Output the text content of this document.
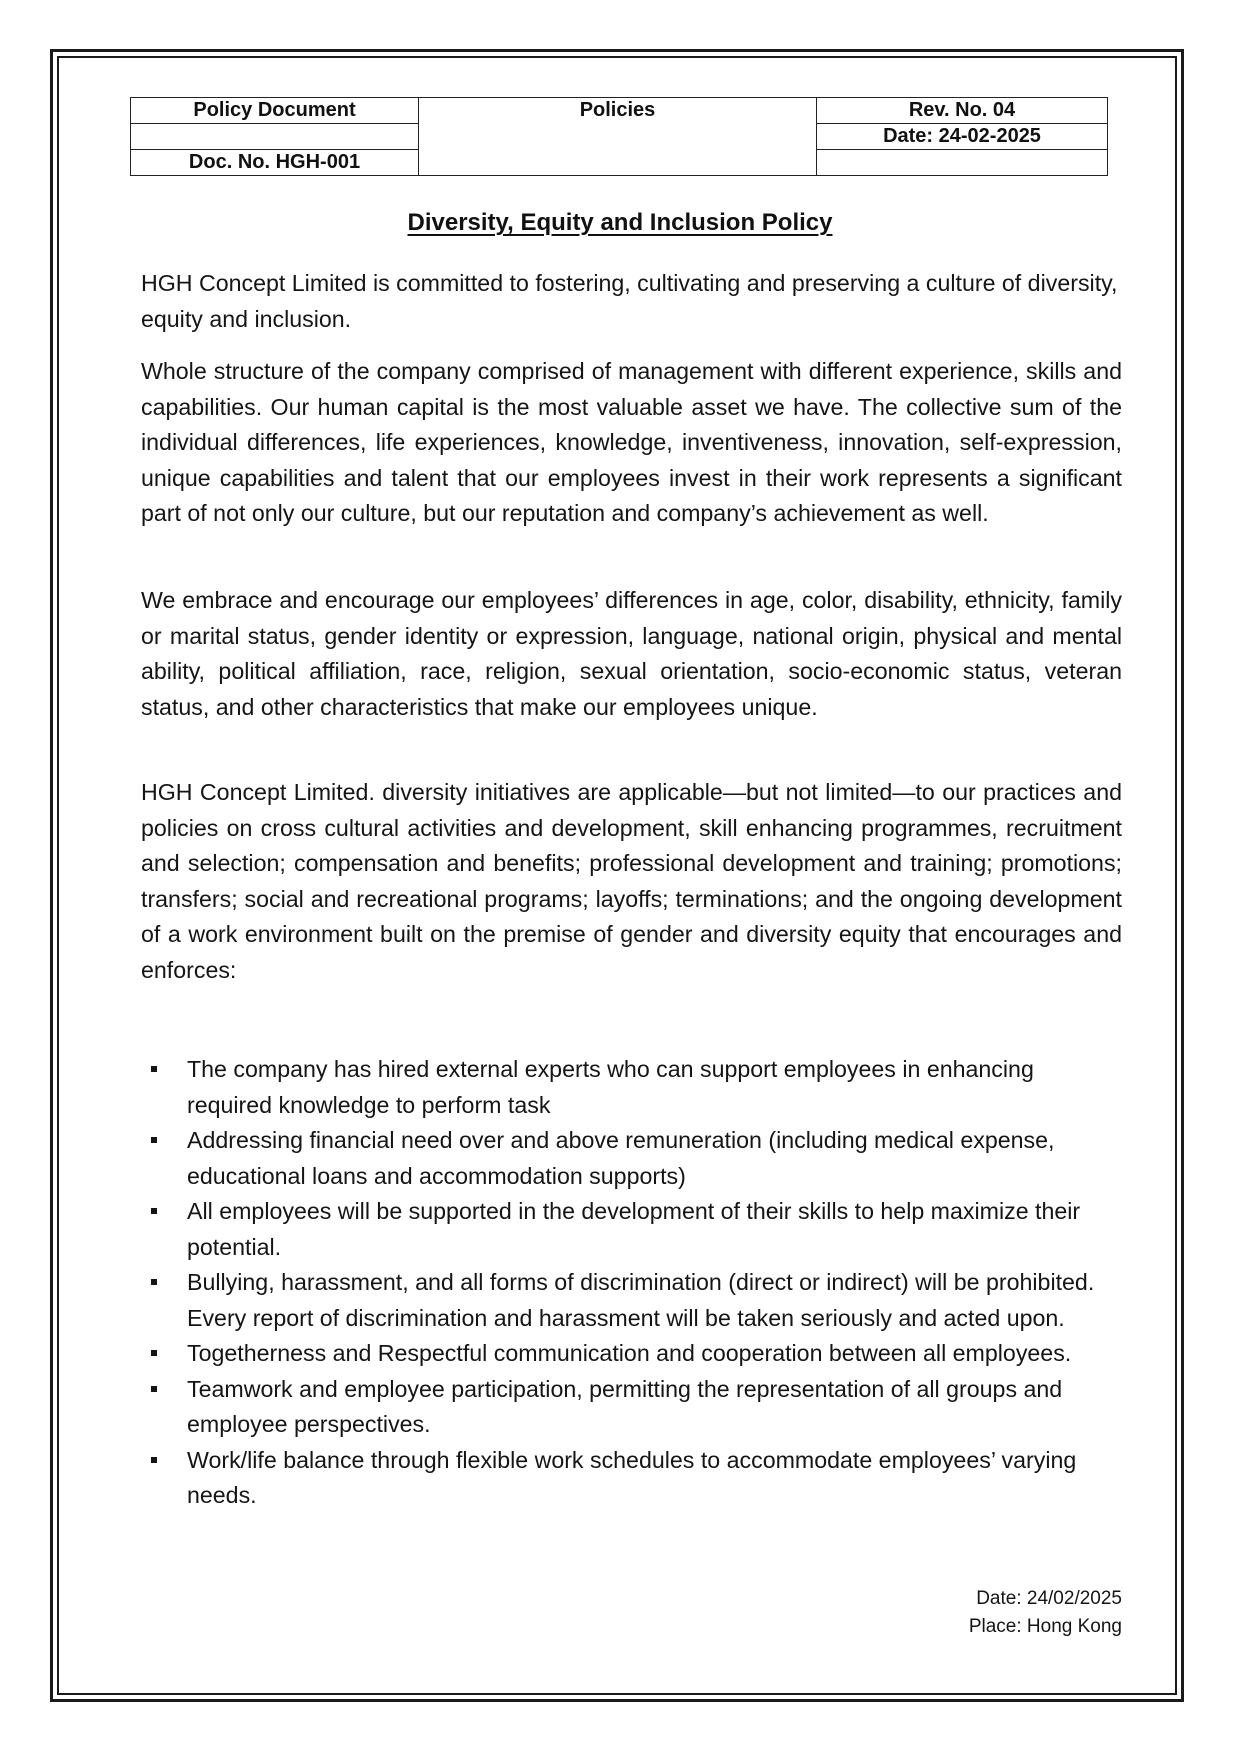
Policy Document	Policies	Rev. No. 04
		Date: 24-02-2025
Doc. No. HGH-001		
Diversity, Equity and Inclusion Policy

HGH Concept Limited is committed to fostering, cultivating and preserving a culture of diversity, equity and inclusion.

Whole structure of the company comprised of management with different experience, skills and capabilities. Our human capital is the most valuable asset we have. The collective sum of the individual differences, life experiences, knowledge, inventiveness, innovation, self-expression, unique capabilities and talent that our employees invest in their work represents a significant part of not only our culture, but our reputation and company’s achievement as well.

We embrace and encourage our employees’ differences in age, color, disability, ethnicity, family or marital status, gender identity or expression, language, national origin, physical and mental ability, political affiliation, race, religion, sexual orientation, socio-economic status, veteran status, and other characteristics that make our employees unique.

HGH Concept Limited. diversity initiatives are applicable—but not limited—to our practices and policies on cross cultural activities and development, skill enhancing programmes, recruitment and selection; compensation and benefits; professional development and training; promotions; transfers; social and recreational programs; layoffs; terminations; and the ongoing development of a work environment built on the premise of gender and diversity equity that encourages and enforces:

The company has hired external experts who can support employees in enhancing required knowledge to perform task
Addressing financial need over and above remuneration (including medical expense, educational loans and accommodation supports)
All employees will be supported in the development of their skills to help maximize their potential.
Bullying, harassment, and all forms of discrimination (direct or indirect) will be prohibited. Every report of discrimination and harassment will be taken seriously and acted upon.
Togetherness and Respectful communication and cooperation between all employees.
Teamwork and employee participation, permitting the representation of all groups and employee perspectives.
Work/life balance through flexible work schedules to accommodate employees’ varying needs.
Date: 24/02/2025
Place: Hong Kong
